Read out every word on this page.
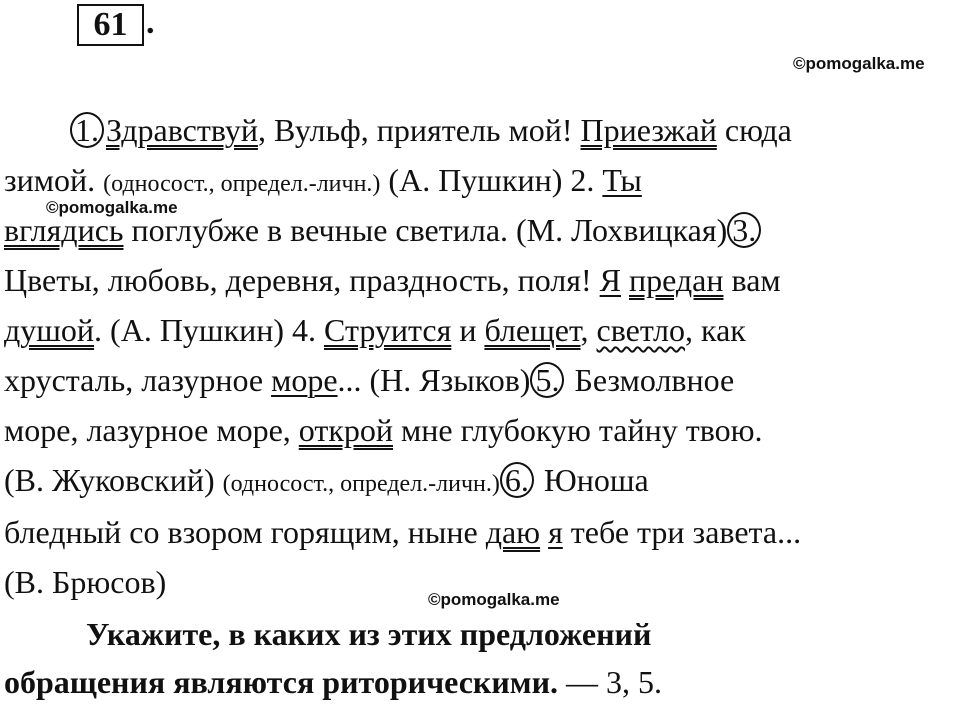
61 .
©pomogalka.me
©pomogalka.me
©pomogalka.me
1. Здравствуй, Вульф, приятель мой! Приезжай сюда
зимой. (односост., определ.-личн.) (А. Пушкин) 2. Ты
вглядись поглубже в вечные светила. (М. Лохвицкая) 3.
Цветы, любовь, деревня, праздность, поля! Я предан вам
душой. (А. Пушкин) 4. Струится и блещет, светло, как
хрусталь, лазурное море... (Н. Языков) 5. Безмолвное
море, лазурное море, открой мне глубокую тайну твою.
(В. Жуковский) (односост., определ.-личн.) 6. Юноша
бледный со взором горящим, ныне даю я тебе три завета...
(В. Брюсов)
Укажите, в каких из этих предложений
обращения являются риторическими. — 3, 5.
